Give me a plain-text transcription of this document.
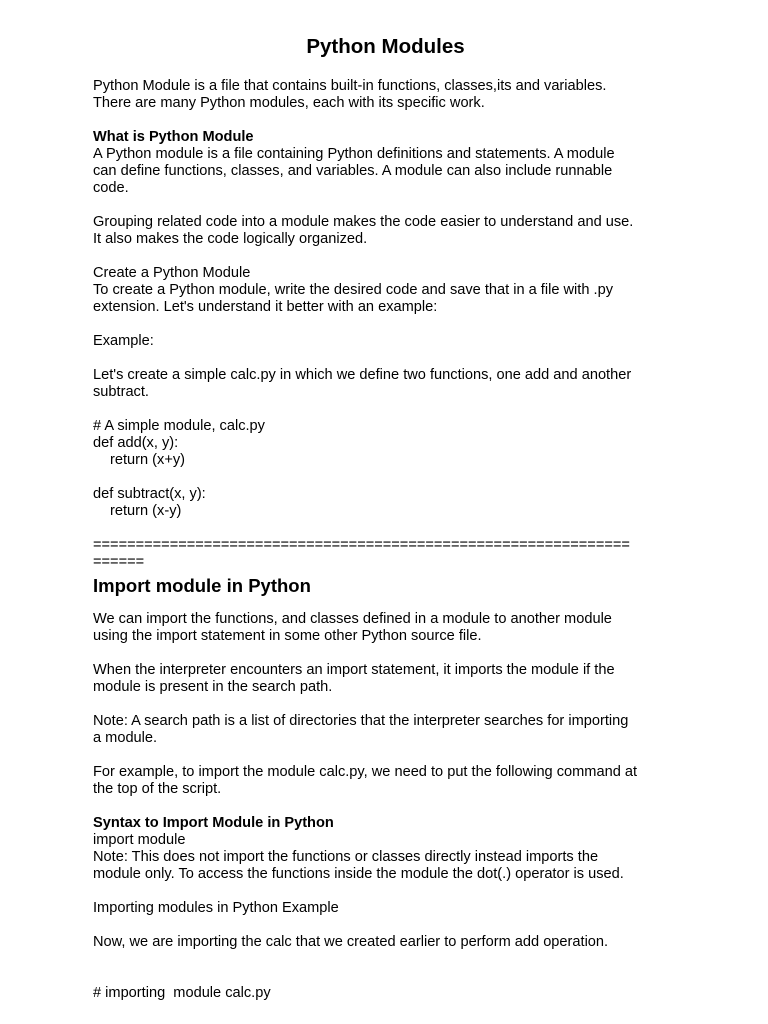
Python Modules

Python Module is a file that contains built-in functions, classes,its and variables.

There are many Python modules, each with its specific work.

What is Python Module

A Python module is a file containing Python definitions and statements. A module

can define functions, classes, and variables. A module can also include runnable

code.

Grouping related code into a module makes the code easier to understand and use.

It also makes the code logically organized.

Create a Python Module

To create a Python module, write the desired code and save that in a file with .py

extension. Let's understand it better with an example:

Example:

Let's create a simple calc.py in which we define two functions, one add and another

subtract.

# A simple module, calc.py

def add(x, y):

return (x+y)

def subtract(x, y):

return (x-y)

===============================================================

======

Import module in Python

We can import the functions, and classes defined in a module to another module

using the import statement in some other Python source file.

When the interpreter encounters an import statement, it imports the module if the

module is present in the search path.

Note: A search path is a list of directories that the interpreter searches for importing

a module.

For example, to import the module calc.py, we need to put the following command at

the top of the script.

Syntax to Import Module in Python

import module

Note: This does not import the functions or classes directly instead imports the

module only. To access the functions inside the module the dot(.) operator is used.

Importing modules in Python Example

Now, we are importing the calc that we created earlier to perform add operation.

# importing  module calc.py
